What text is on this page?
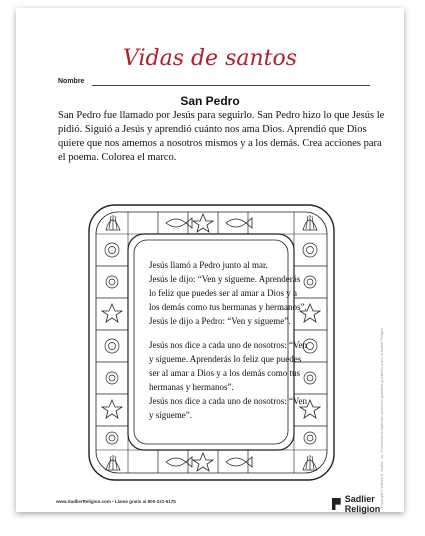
Vidas de santos
Nombre
San Pedro
San Pedro fue llamado por Jesús para seguirlo. San Pedro hizo lo que Jesús le pidió. Siguió a Jesús y aprendió cuánto nos ama Dios. Aprendió que Dios quiere que nos amemos a nosotros mismos y a los demás. Crea acciones para el poema. Colorea el marco.

Jesús llamó a Pedro junto al mar.
Jesús le dijo: “Ven y sígueme. Aprenderás lo feliz que puedes ser al amar a Dios y a los demás como tus hermanas y hermanos”.
Jesús le dijo a Pedro: “Ven y sígueme”.

Jesús nos dice a cada uno de nosotros: “Ven y sígueme. Aprenderás lo feliz que puedes ser al amar a Dios y a los demás como tus hermanas y hermanos”.
Jesús nos dice a cada uno de nosotros: “Ven y sígueme”.	Copyright © William H. Sadlier, Inc. Permission to duplicate classroom quantities granted to users of Sadlier Religion.
www.SadlierReligion.com • Llame gratis al 800-221-5175	Sadlier Religion
